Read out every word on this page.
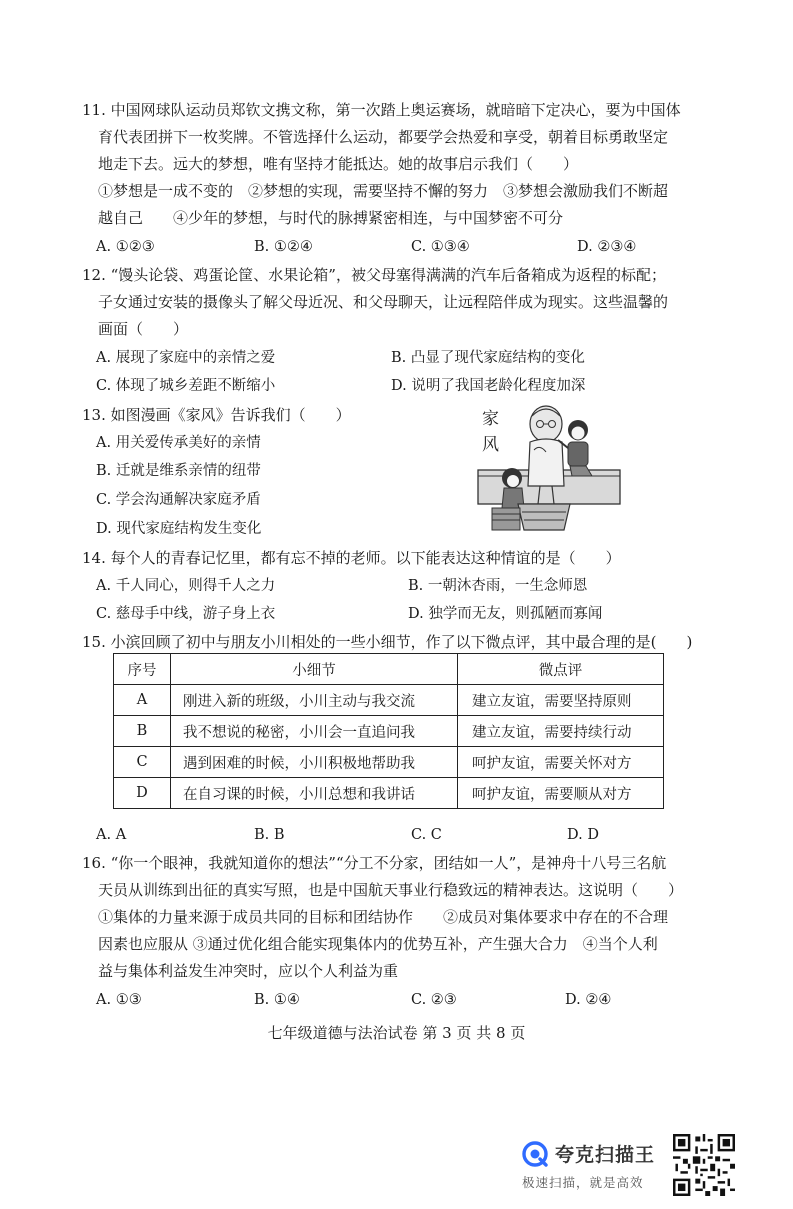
11. 中国网球队运动员郑钦文携文称，第一次踏上奥运赛场，就暗暗下定决心，要为中国体
育代表团拼下一枚奖牌。不管选择什么运动，都要学会热爱和享受，朝着目标勇敢坚定
地走下去。远大的梦想，唯有坚持才能抵达。她的故事启示我们（　　）
①梦想是一成不变的　②梦想的实现，需要坚持不懈的努力　③梦想会激励我们不断超
越自己　　④少年的梦想，与时代的脉搏紧密相连，与中国梦密不可分
A. ①②③	B. ①②④	C. ①③④	D. ②③④
12. “馒头论袋、鸡蛋论筐、水果论箱”，被父母塞得满满的汽车后备箱成为返程的标配；
子女通过安装的摄像头了解父母近况、和父母聊天，让远程陪伴成为现实。这些温馨的
画面（　　）
A. 展现了家庭中的亲情之爱	B. 凸显了现代家庭结构的变化
C. 体现了城乡差距不断缩小	D. 说明了我国老龄化程度加深
13. 如图漫画《家风》告诉我们（　　）
A. 用关爱传承美好的亲情
B. 迁就是维系亲情的纽带
C. 学会沟通解决家庭矛盾
D. 现代家庭结构发生变化
家
风
14. 每个人的青春记忆里，都有忘不掉的老师。以下能表达这种情谊的是（　　）
A. 千人同心，则得千人之力	B. 一朝沐杏雨，一生念师恩
C. 慈母手中线，游子身上衣	D. 独学而无友，则孤陋而寡闻
15. 小滨回顾了初中与朋友小川相处的一些小细节，作了以下微点评，其中最合理的是(　　)
序号	小细节	微点评
A	刚进入新的班级，小川主动与我交流	建立友谊，需要坚持原则
B	我不想说的秘密，小川会一直追问我	建立友谊，需要持续行动
C	遇到困难的时候，小川积极地帮助我	呵护友谊，需要关怀对方
D	在自习课的时候，小川总想和我讲话	呵护友谊，需要顺从对方
A. A	B. B	C. C	D. D
16. “你一个眼神，我就知道你的想法”“分工不分家，团结如一人”，是神舟十八号三名航
天员从训练到出征的真实写照，也是中国航天事业行稳致远的精神表达。这说明（　　）
①集体的力量来源于成员共同的目标和团结协作　　②成员对集体要求中存在的不合理
因素也应服从 ③通过优化组合能实现集体内的优势互补，产生强大合力　④当个人利
益与集体利益发生冲突时，应以个人利益为重
A. ①③	B. ①④	C. ②③	D. ②④
七年级道德与法治试卷 第 3 页 共 8 页
夸克扫描王
极速扫描，就是高效
